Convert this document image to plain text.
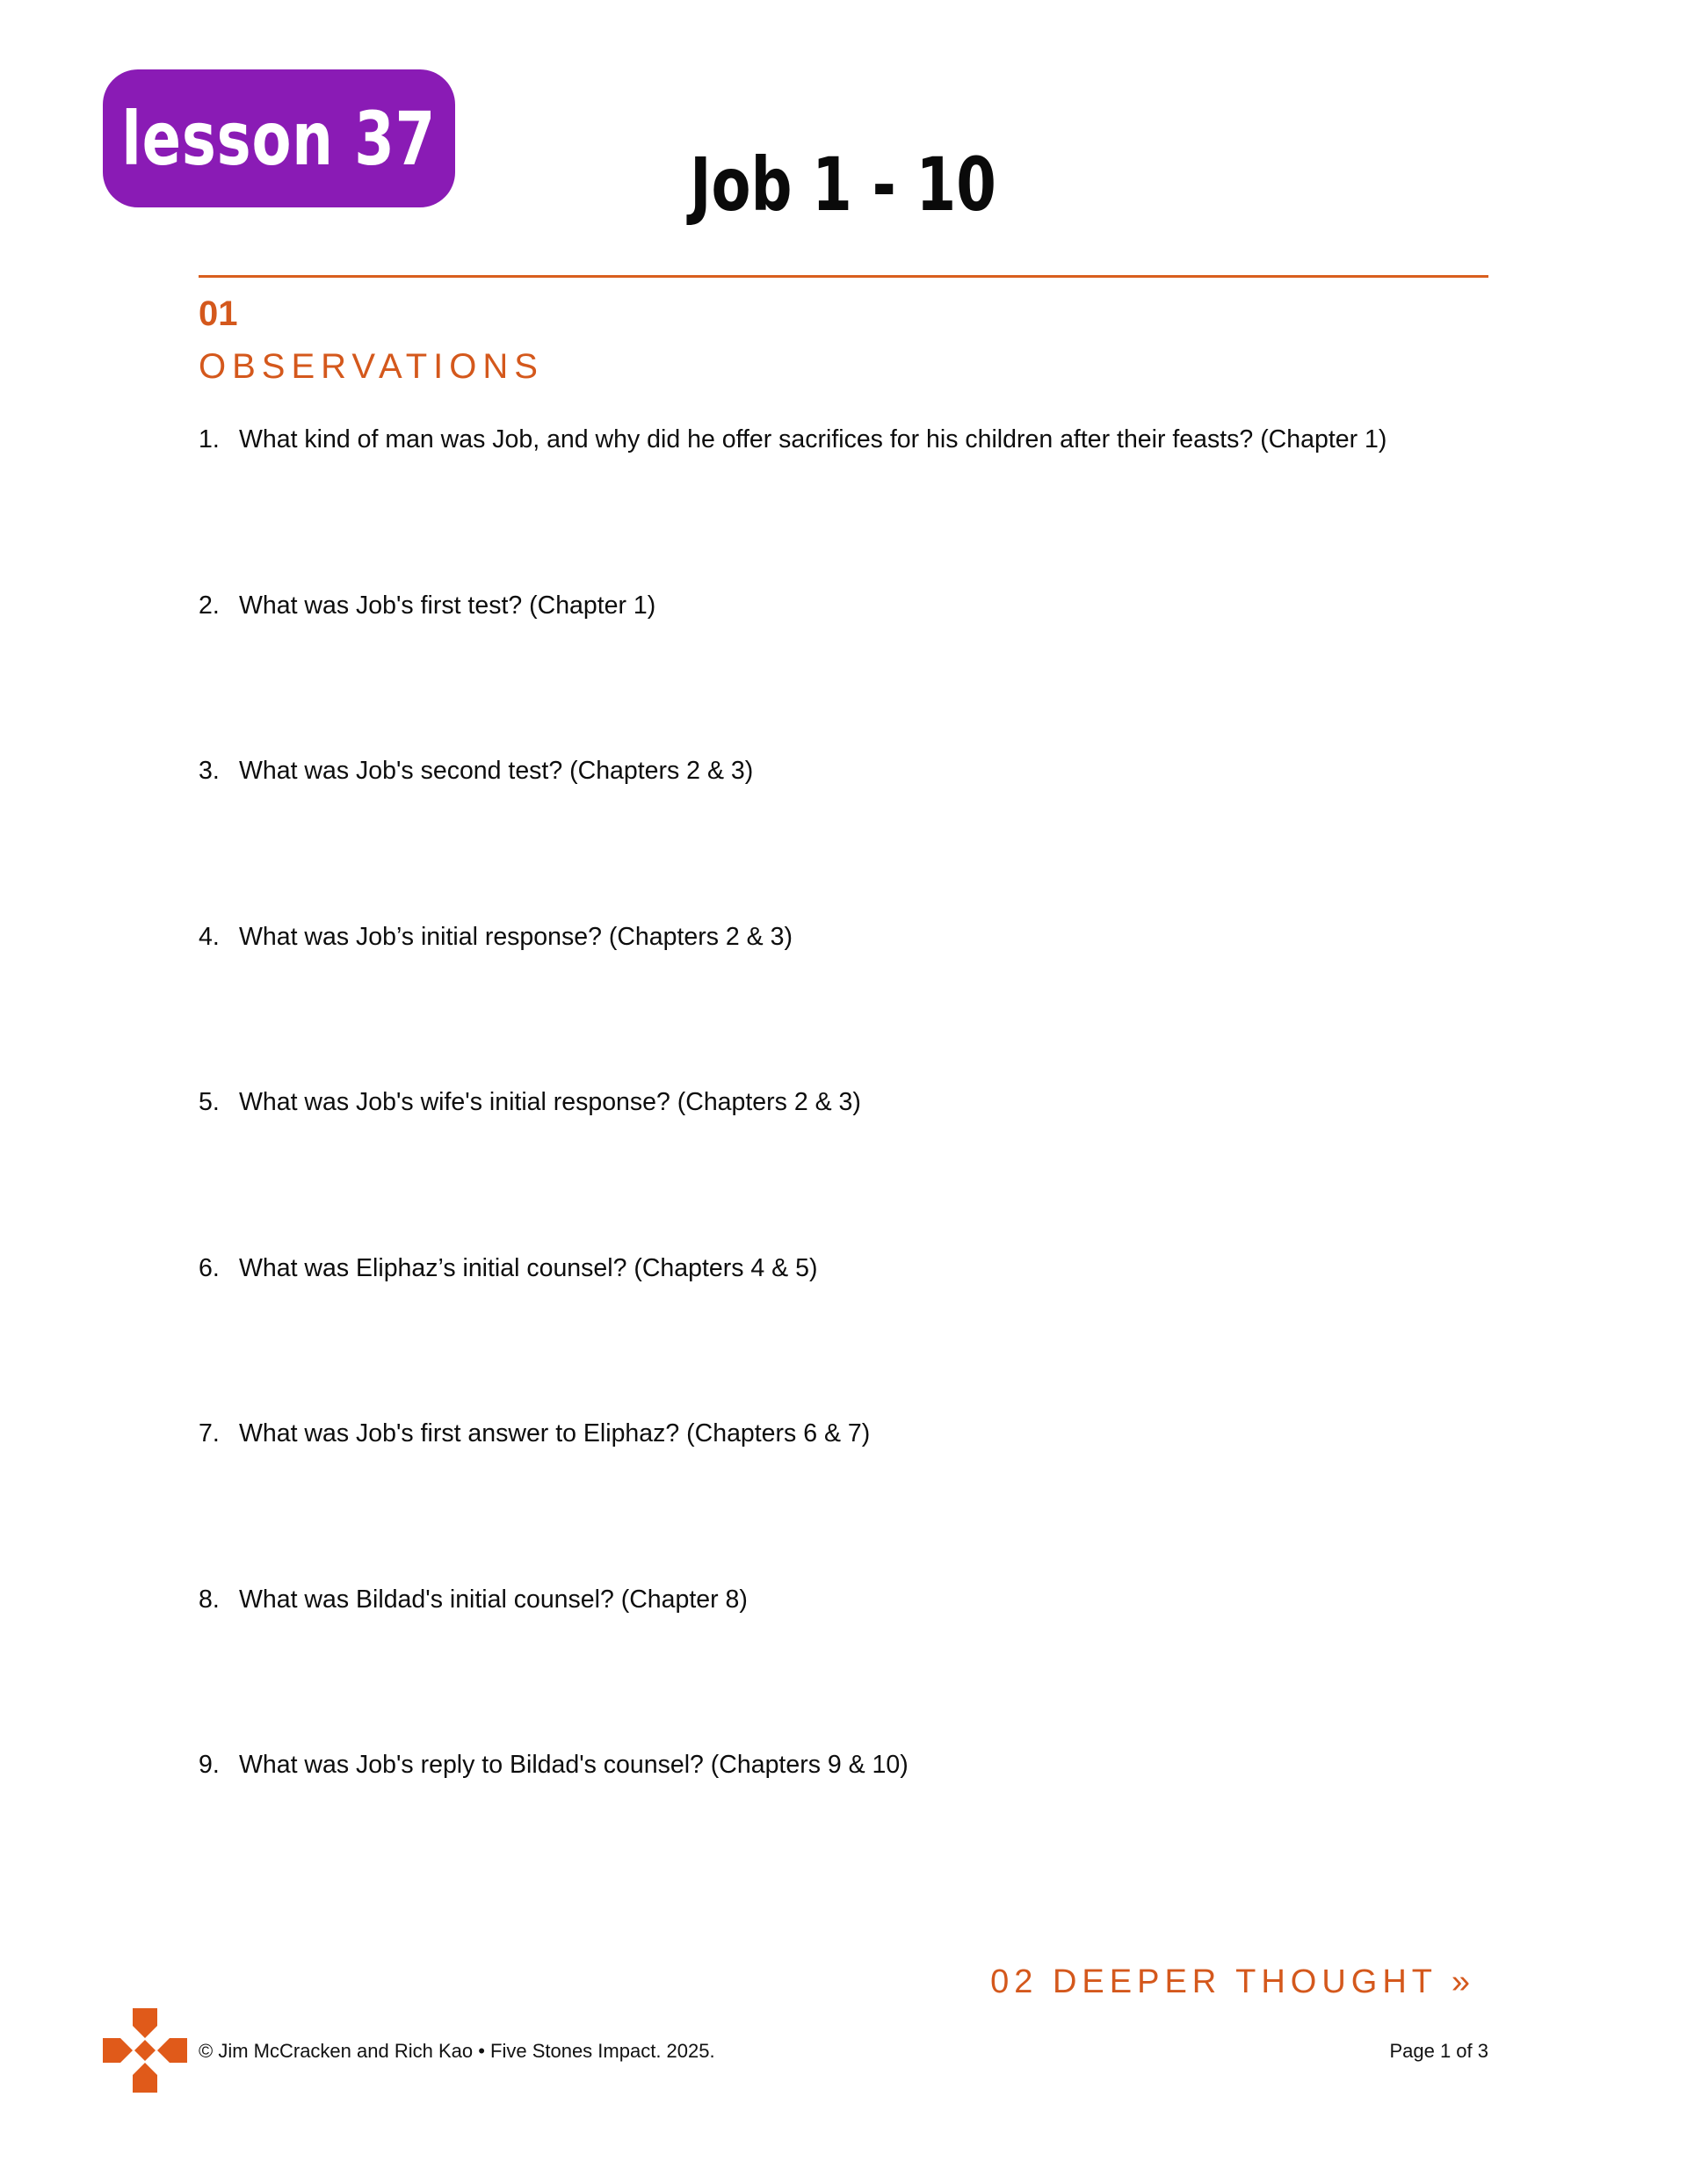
lesson 37
Job 1 - 10
01
OBSERVATIONS
1. What kind of man was Job, and why did he offer sacrifices for his children after their feasts? (Chapter 1)
2. What was Job's first test? (Chapter 1)
3. What was Job's second test? (Chapters 2 & 3)
4. What was Job’s initial response? (Chapters 2 & 3)
5. What was Job's wife's initial response? (Chapters 2 & 3)
6. What was Eliphaz’s initial counsel? (Chapters 4 & 5)
7. What was Job's first answer to Eliphaz? (Chapters 6 & 7)
8. What was Bildad's initial counsel? (Chapter 8)
9. What was Job's reply to Bildad's counsel? (Chapters 9 & 10)
02 DEEPER THOUGHT »
© Jim McCracken and Rich Kao • Five Stones Impact. 2025.	Page 1 of 3
